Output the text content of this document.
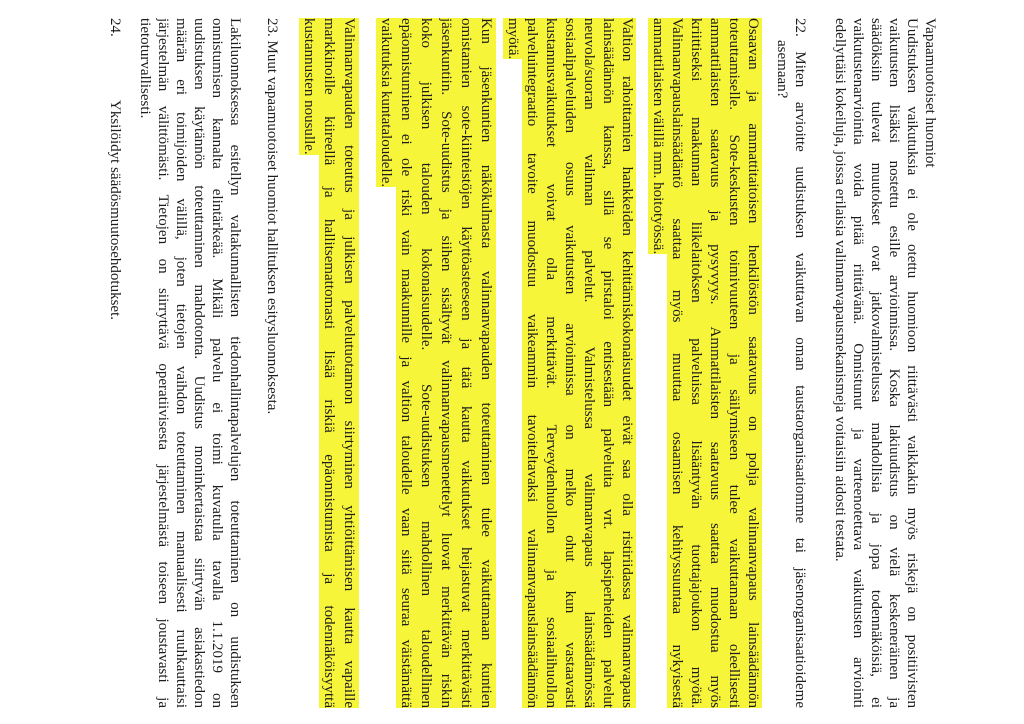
Vapaamuotoiset huomiot
Uudistuksen vaikutuksia ei ole otettu huomioon riittävästi vaikkakin myös riskejä on positiivisten
vaikutusten lisäksi nostettu esille arvioinnissa. Koska lakiuudistus on vielä keskeneräinen ja
säädöksiin tulevat muutokset ovat jatkovalmistelussa mahdollisia ja jopa todennäköisiä, ei
vaikutustenarviointia voida pitää riittävänä. Onnistunut ja varteenotettava vaikutusten arviointi
edellyttäisi kokeiluja, joissa erilaisia valinnanvapausmekanismeja voitaisiin aidosti testata.
22. Miten arvioitte uudistuksen vaikuttavan oman taustaorganisaatiomme tai jäsenorganisaatioideme
asemaan?
Osaavan ja ammattitaitoisen henkilöstön saatavuus on pohja valinnanvapaus lainsäädännön
toteuttamiselle. Sote-keskusten toimivuuteen ja säilymiseen tulee vaikuttamaan oleellisesti
ammattilaisten saatavuus ja pysyvyys. Ammattilaisten saatavuus saattaa muodostua myös
kriittiseksi maakunnan liikelaitoksen palveluissa lisääntyvän tuottajajoukon myötä.
Valinnanvapauslainsäädäntö saattaa myös muuttaa osaamisen kehityssuuntaa nykyisestä
ammattilaisten välillä mm. hoitotyössä.
Valtion rahoittamien hankkeiden kehittämiskokonaisuudet eivät saa olla ristiriidassa valinnanvapaus
lainsäädännön kanssa, sillä se pirstaloi entisestään palveluita vrt. lapsiperheiden palvelut
neuvola/suoran valinnan palvelut. Valmistelussa valinnanvapaus lainsäädännössä
sosiaalipalveluiden osuus vaikutusten arvioinnissa on melko ohut kun vastaavasti
kustannusvaikutukset voivat olla merkittävät. Terveydenhuollon ja sosiaalihuollon
palveluintegraatio tavoite muodostuu vaikeammin tavoiteltavaksi valinnanvapauslainsäädännön
myötä.
Kun jäsenkuntien näkökulmasta valinnanvapauden toteuttaminen tulee vaikuttamaan kuntien
omistamien sote-kiinteistöjen käyttöasteeseen ja tätä kautta vaikutukset heijastuvat merkittävästi
jäsenkuntiin. Sote-uudistus ja siihen sisältyvät valinnanvapausmenettelyt luovat merkittävän riskin
koko julkisen talouden kokonaisuudelle. Sote-uudistuksen mahdollinen taloudellinen
epäonnistuminen ei ole riski vain maakunnille ja valtion taloudelle vaan siitä seuraa väistämättä
vaikutuksia kuntataloudelle.
Valinnanvapauden toteutus ja julkisen palvelutuotannon siirtyminen yhtiöittämisen kautta vapaille
markkinoille kiireellä ja hallitsemattomasti lisää riskiä epäonnistumista ja todennäköisyyttä
kustannusten nousulle.
23. Muut vapaamuotoiset huomiot hallituksen esitysluonnoksesta.
Lakiluonnoksessa esitellyn valtakunnallisten tiedonhallintapalvelujen toteuttaminen on uudistuksen
onnistumisen kannalta elintärkeää. Mikäli palvelu ei toimi kuvatulla tavalla 1.1.2019 on
uudistuksen käytännön toteuttaminen mahdotonta. Uudistus moninkertaistaa siirtyvän asiakastiedon
määrän eri toimijoiden välillä, joten tietojen vaihdon toteuttaminen manuaalisesti ruuhkauttaisi
järjestelmän välittömästi. Tietojen on siirryttävä operatiivisesta järjestelmästä toiseen joustavasti ja
tietoturvallisesti.
24.Yksilöidyt säädösmuutosehdotukset.
